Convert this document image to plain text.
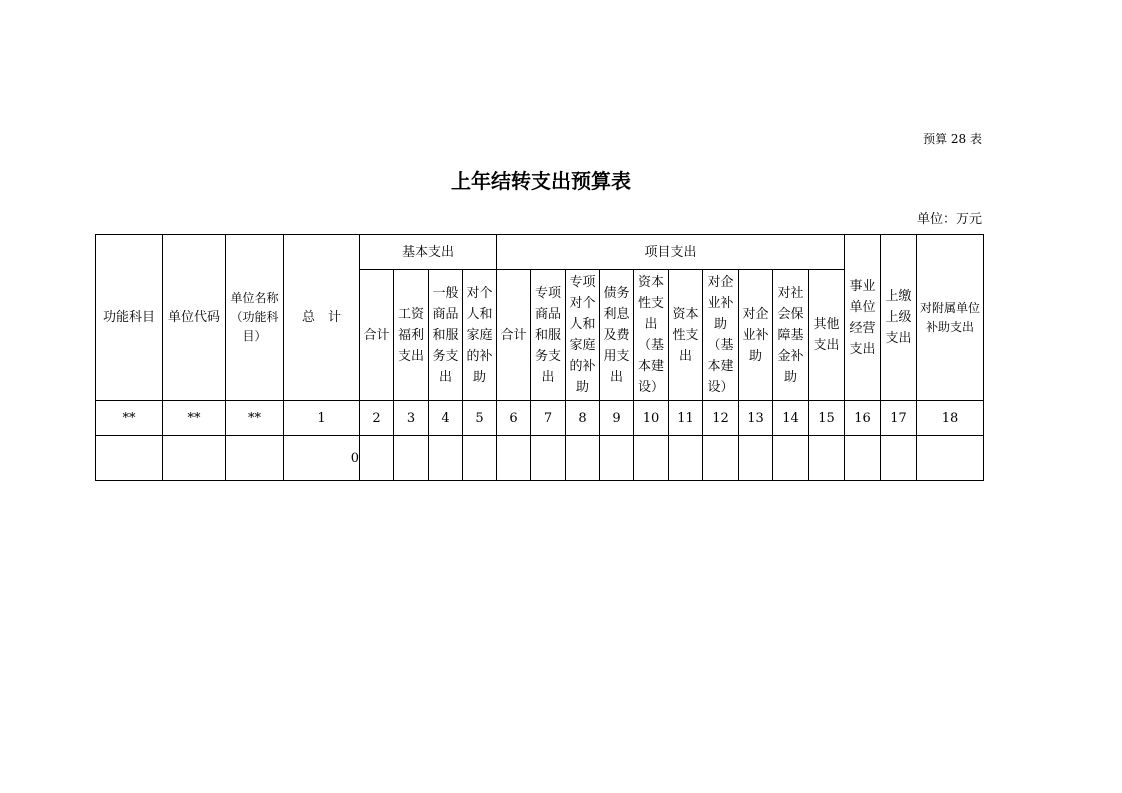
预算 28 表
上年结转支出预算表
单位：万元
功能科目	单位代码	单位名称（功能科目）	总　计	基本支出				项目支出										事业单位经营支出	上缴上级支出	对附属单位补助支出
				合计	工资福利支出	一般商品和服务支出	对个人和家庭的补助	合计	专项商品和服务支出	专项对个人和家庭的补助	债务利息及费用支出	资本性支出（基本建设）	资本性支出	对企业补助（基本建设）	对企业补助	对社会保障基金补助	其他支出			
**	**	**	1	2	3	4	5	6	7	8	9	10	11	12	13	14	15	16	17	18
			0																	
